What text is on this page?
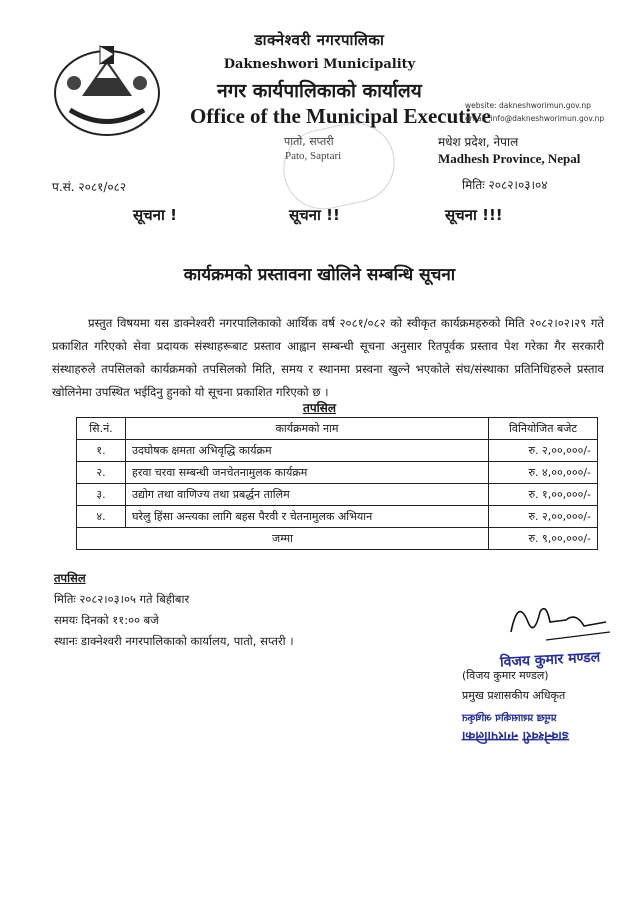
डाक्नेश्वरी नगरपालिका
Dakneshwori Municipality
नगर कार्यपालिकाको कार्यालय
Office of the Municipal Executive
website: dakneshworimun.gov.np
email :info@dakneshworimun.gov.np
मधेश प्रदेश, नेपाल
Madhesh Province, Nepal
पातो, सप्तरी
Pato, Saptari
प.सं. २०८१/०८२	मितिः २०८२।०३।०४
सूचना !	सूचना !!	सूचना !!!
कार्यक्रमको प्रस्तावना खोलिने सम्बन्धि सूचना
प्रस्तुत विषयमा यस डाक्नेश्वरी नगरपालिकाको आर्थिक वर्ष २०८१/०८२ को स्वीकृत कार्यक्रमहरुको मिति २०८२।०२।२९ गते प्रकाशित गरिएको सेवा प्रदायक संस्थाहरूबाट प्रस्ताव आह्वान सम्बन्धी सूचना अनुसार रितपूर्वक प्रस्ताव पेश गरेका गैर सरकारी संस्थाहरुले तपसिलको कार्यक्रमको तपसिलको मिति, समय र स्थानमा प्रस्वना खुल्ने भएकोले संघ/संस्थाका प्रतिनिधिहरुले प्रस्ताव खोलिनेमा उपस्थित भईदिनु हुनको यो सूचना प्रकाशित गरिएको छ ।
तपसिल
सि.नं.	कार्यक्रमको नाम	विनियोजित बजेट
१.	उदघोषक क्षमता अभिवृद्धि कार्यक्रम	रु. २,००,०००/-
२.	हरवा चरवा सम्बन्धी जनचेतनामुलक कार्यक्रम	रु. ४,००,०००/-
३.	उद्योग तथा वाणिज्य तथा प्रबर्द्धन तालिम	रु. १,००,०००/-
४.	घरेलु हिंसा अन्त्यका लागि बहस पैरवी र चेतनामुलक अभियान	रु. २,००,०००/-
जम्मा		रु. ९,००,०००/-
तपसिल
मितिः २०८२।०३।०५ गते बिहीबार
समयः दिनको ११:०० बजे
स्थानः डाक्नेश्वरी नगरपालिकाको कार्यालय, पातो, सप्तरी ।
(विजय कुमार मण्डल)
प्रमुख प्रशासकीय अधिकृत
विजय कुमार मण्डल
प्रमुख प्रशासकीय अधिकृत
डाक्नेश्वरी नगरपालिका
